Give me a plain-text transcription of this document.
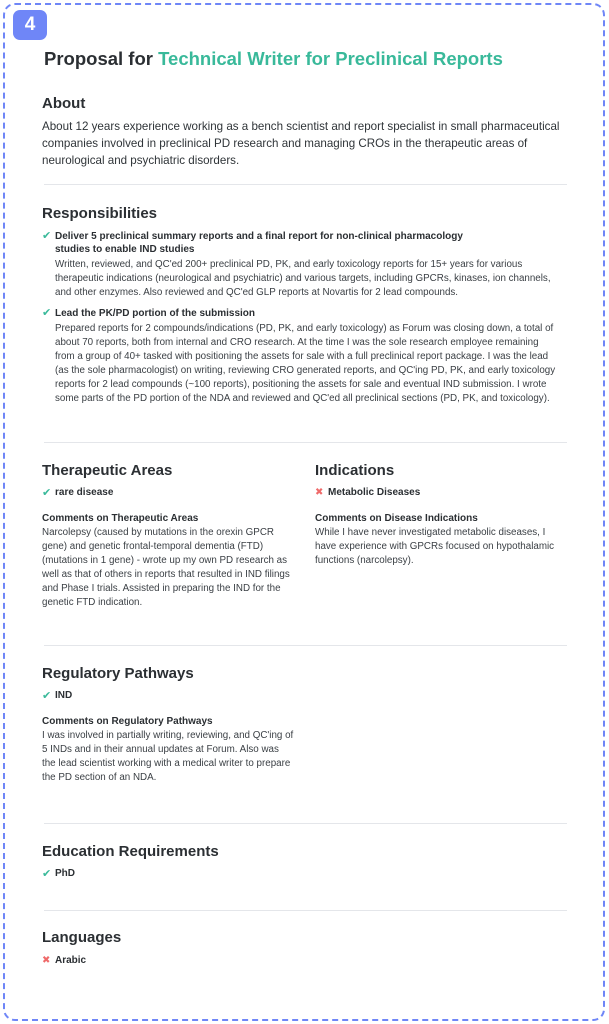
4
Proposal for Technical Writer for Preclinical Reports
About
About 12 years experience working as a bench scientist and report specialist in small pharmaceutical companies involved in preclinical PD research and managing CROs in the therapeutic areas of neurological and psychiatric disorders.
Responsibilities
✔ Deliver 5 preclinical summary reports and a final report for non-clinical pharmacology studies to enable IND studies
Written, reviewed, and QC'ed 200+ preclinical PD, PK, and early toxicology reports for 15+ years for various therapeutic indications (neurological and psychiatric) and various targets, including GPCRs, kinases, ion channels, and other enzymes. Also reviewed and QC'ed GLP reports at Novartis for 2 lead compounds.
✔ Lead the PK/PD portion of the submission
Prepared reports for 2 compounds/indications (PD, PK, and early toxicology) as Forum was closing down, a total of about 70 reports, both from internal and CRO research. At the time I was the sole research employee remaining from a group of 40+ tasked with positioning the assets for sale with a full preclinical report package. I was the lead (as the sole pharmacologist) on writing, reviewing CRO generated reports, and QC'ing PD, PK, and early toxicology reports for 2 lead compounds (~100 reports), positioning the assets for sale and eventual IND submission. I wrote some parts of the PD portion of the NDA and reviewed and QC'ed all preclinical sections (PD, PK, and toxicology).
Therapeutic Areas
✔ rare disease
Comments on Therapeutic Areas
Narcolepsy (caused by mutations in the orexin GPCR gene) and genetic frontal-temporal dementia (FTD) (mutations in 1 gene) - wrote up my own PD research as well as that of others in reports that resulted in IND filings and Phase I trials. Assisted in preparing the IND for the genetic FTD indication.
Indications
✖ Metabolic Diseases
Comments on Disease Indications
While I have never investigated metabolic diseases, I have experience with GPCRs focused on hypothalamic functions (narcolepsy).
Regulatory Pathways
✔ IND
Comments on Regulatory Pathways
I was involved in partially writing, reviewing, and QC'ing of 5 INDs and in their annual updates at Forum. Also was the lead scientist working with a medical writer to prepare the PD section of an NDA.
Education Requirements
✔ PhD
Languages
✖ Arabic
